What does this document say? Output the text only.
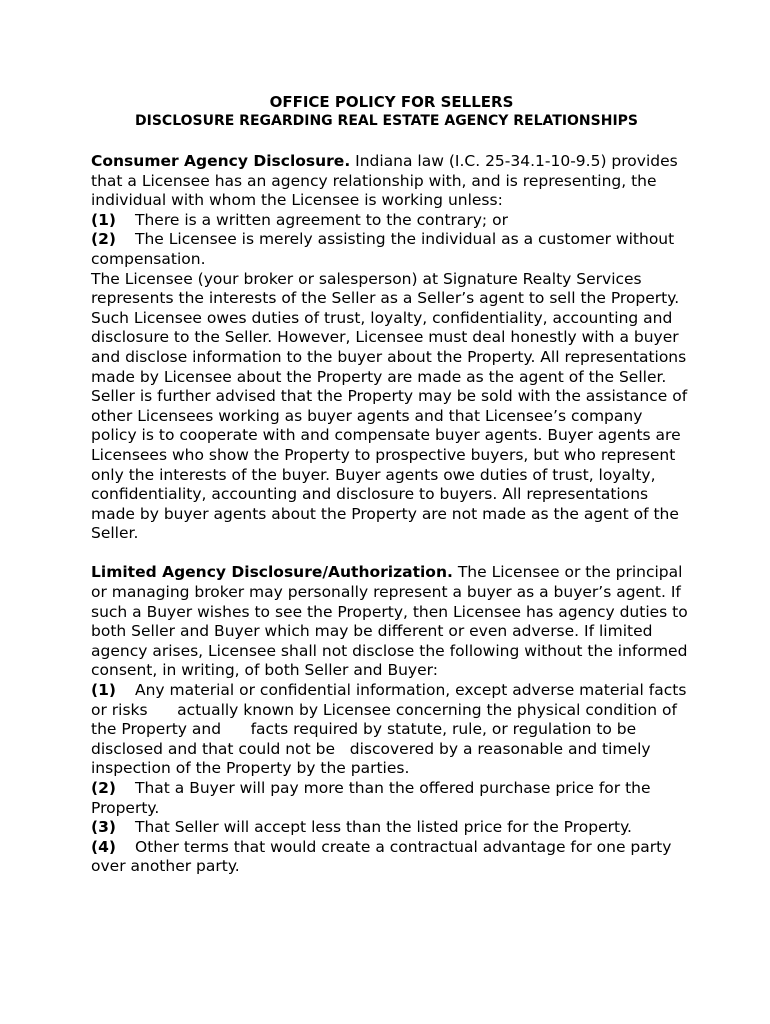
OFFICE POLICY FOR SELLERS

DISCLOSURE REGARDING REAL ESTATE AGENCY RELATIONSHIPS

Consumer Agency Disclosure. Indiana law (I.C. 25-34.1-10-9.5) provides that a Licensee has an agency relationship with, and is representing, the individual with whom the Licensee is working unless:

(1) There is a written agreement to the contrary; or

(2) The Licensee is merely assisting the individual as a customer without      compensation.

The Licensee (your broker or salesperson) at Signature Realty Services represents the interests of the Seller as a Seller’s agent to sell the Property. Such Licensee owes duties of trust, loyalty, confidentiality, accounting and disclosure to the Seller. However, Licensee must deal honestly with a buyer and disclose information to the buyer about the Property. All representations made by Licensee about the Property are made as the agent of the Seller. Seller is further advised that the Property may be sold with the assistance of other Licensees working as buyer agents and that Licensee’s company policy is to cooperate with and compensate buyer agents. Buyer agents are Licensees who show the Property to prospective buyers, but who represent only the interests of the buyer. Buyer agents owe duties of trust, loyalty, confidentiality, accounting and disclosure to buyers. All representations made by buyer agents about the Property are not made as the agent of the Seller.

Limited Agency Disclosure/Authorization. The Licensee or the principal or managing broker may personally represent a buyer as a buyer’s agent. If such a Buyer wishes to see the Property, then Licensee has agency duties to both Seller and Buyer which may be different or even adverse. If limited agency arises, Licensee shall not disclose the following without the informed consent, in writing, of both Seller and Buyer:

(1) Any material or confidential information, except adverse material facts or risks      actually known by Licensee concerning the physical condition of the Property and      facts required by statute, rule, or regulation to be disclosed and that could not be   discovered by a reasonable and timely inspection of the Property by the parties.

(2) That a Buyer will pay more than the offered purchase price for the Property.

(3) That Seller will accept less than the listed price for the Property.

(4) Other terms that would create a contractual advantage for one party over another party.
